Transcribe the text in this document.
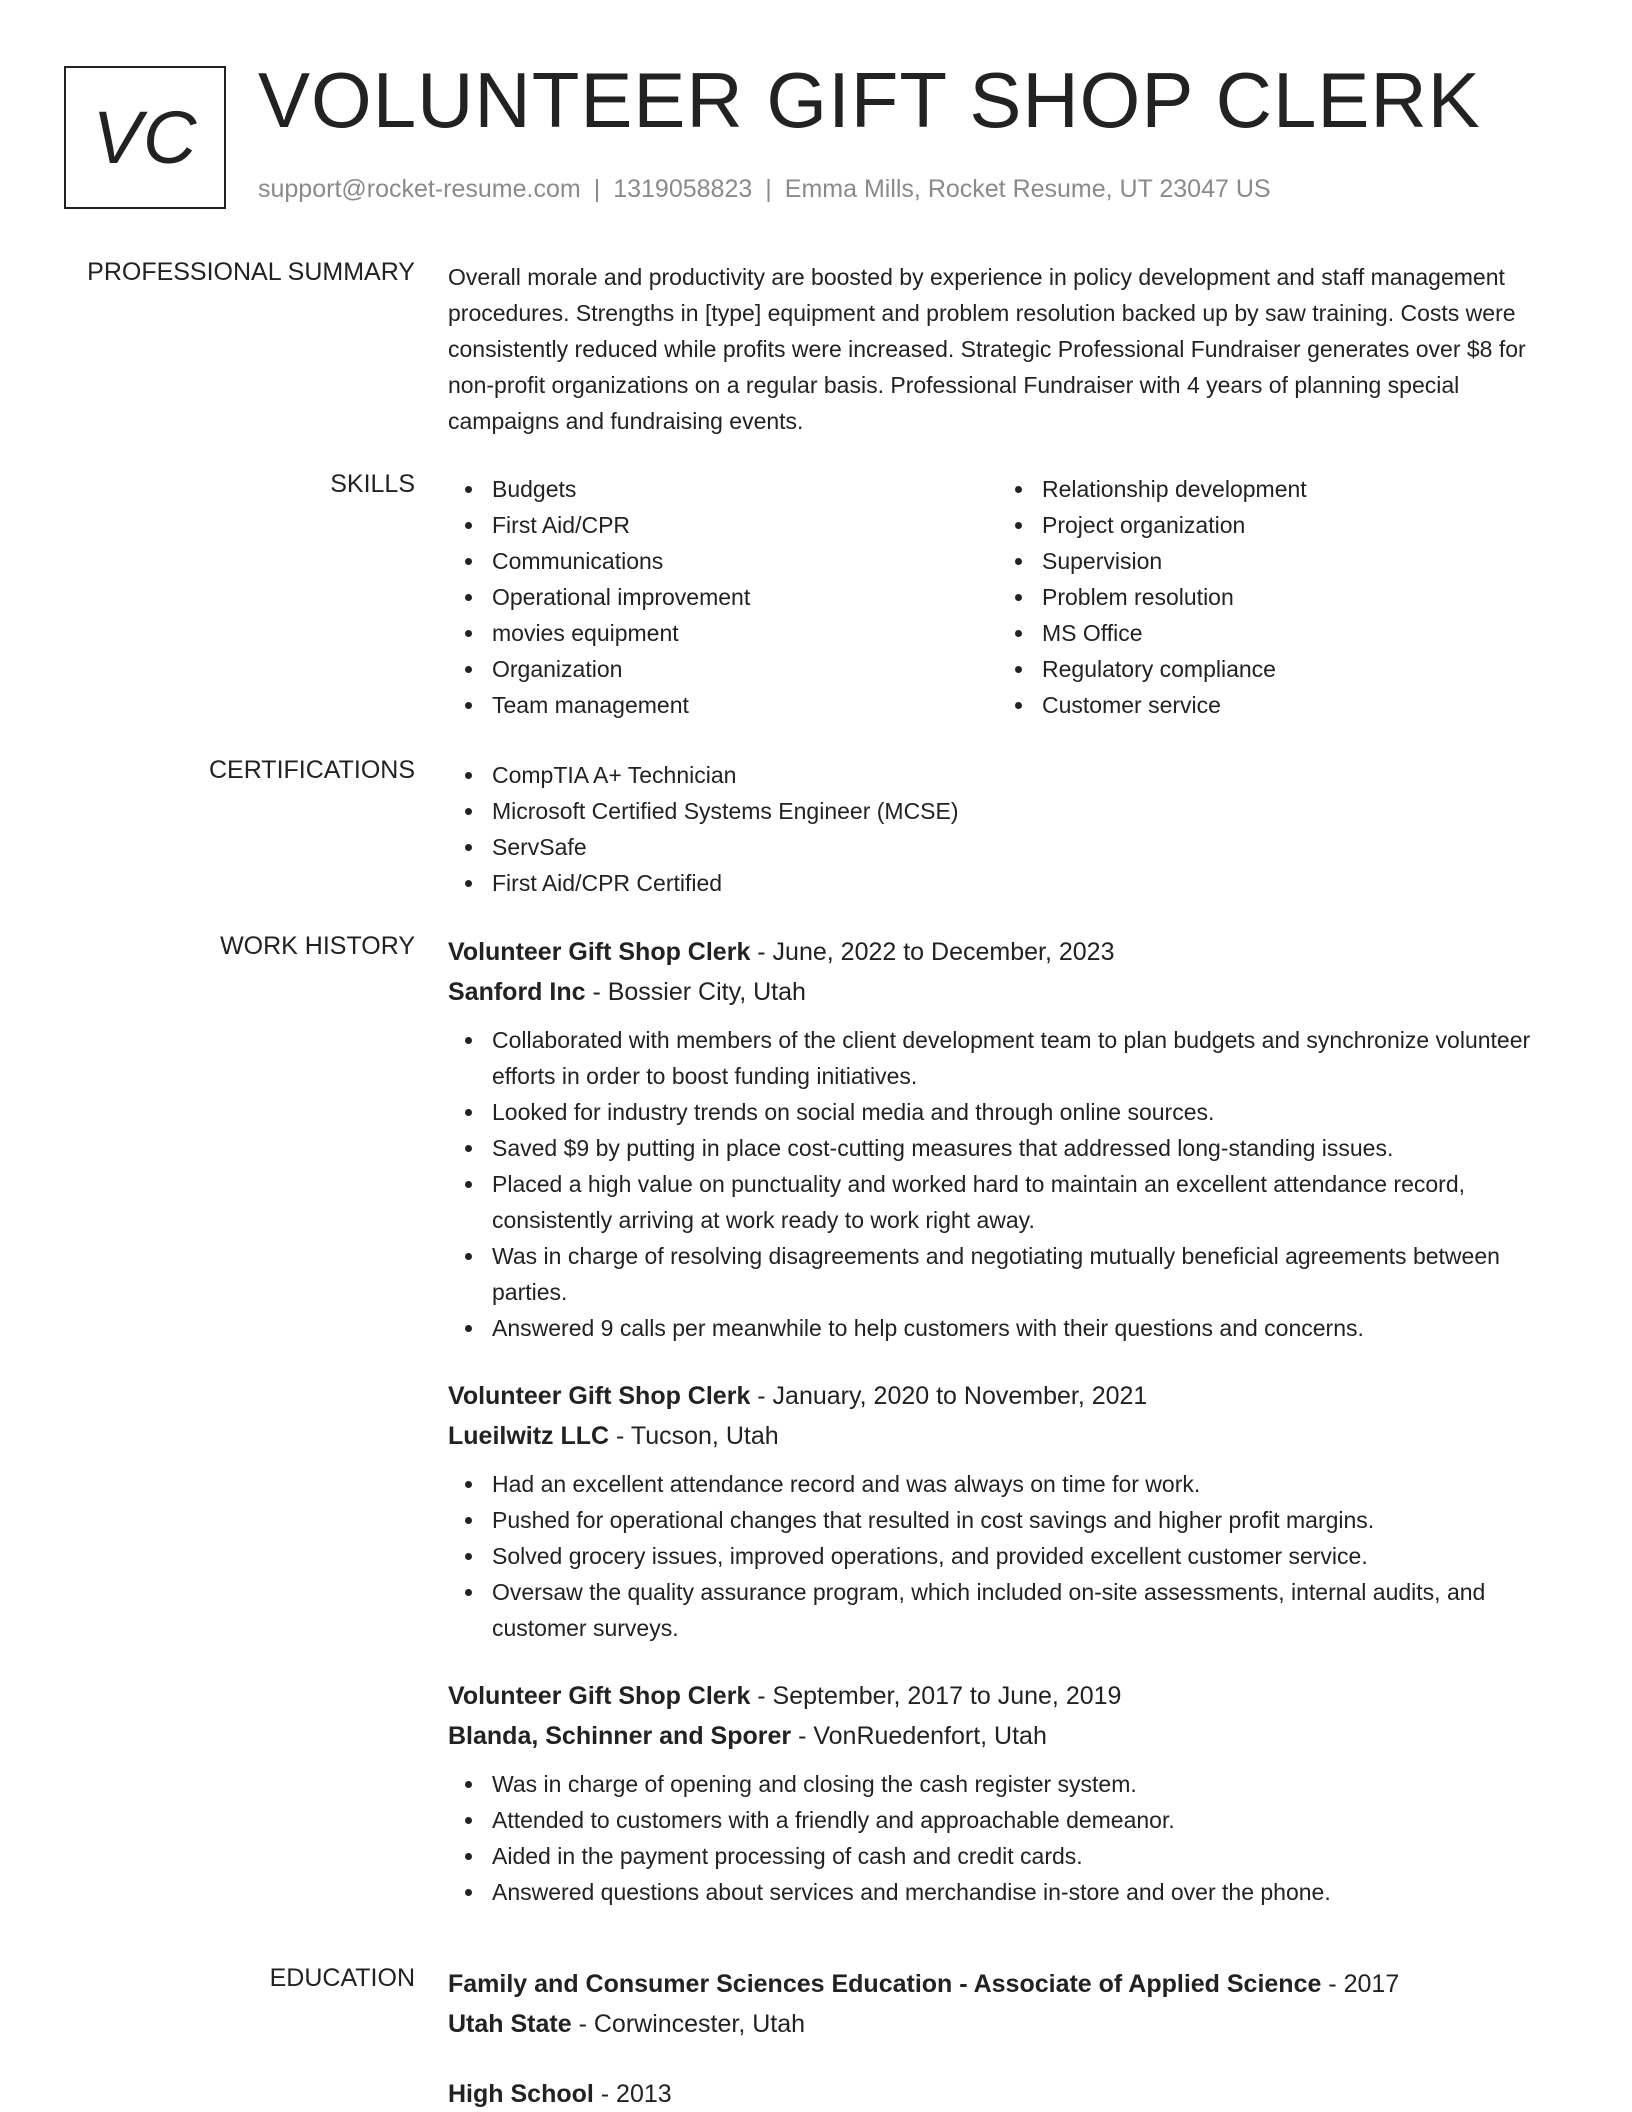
VC VOLUNTEER GIFT SHOP CLERK
support@rocket-resume.com | 1319058823 | Emma Mills, Rocket Resume, UT 23047 US
PROFESSIONAL SUMMARY Overall morale and productivity are boosted by experience in policy development and staff management procedures. Strengths in [type] equipment and problem resolution backed up by saw training. Costs were consistently reduced while profits were increased. Strategic Professional Fundraiser generates over $8 for non-profit organizations on a regular basis. Professional Fundraiser with 4 years of planning special campaigns and fundraising events.
SKILLS	Budgets
First Aid/CPR
Communications
Operational improvement
movies equipment
Organization
Team management
Relationship development
Project organization
Supervision
Problem resolution
MS Office
Regulatory compliance
Customer service
CERTIFICATIONS	CompTIA A+ Technician
Microsoft Certified Systems Engineer (MCSE)
ServSafe
First Aid/CPR Certified
WORK HISTORY Volunteer Gift Shop Clerk - June, 2022 to December, 2023
Sanford Inc - Bossier City, Utah
Collaborated with members of the client development team to plan budgets and synchronize volunteer efforts in order to boost funding initiatives.
Looked for industry trends on social media and through online sources.
Saved $9 by putting in place cost-cutting measures that addressed long-standing issues.
Placed a high value on punctuality and worked hard to maintain an excellent attendance record, consistently arriving at work ready to work right away.
Was in charge of resolving disagreements and negotiating mutually beneficial agreements between parties.
Answered 9 calls per meanwhile to help customers with their questions and concerns.
Volunteer Gift Shop Clerk - January, 2020 to November, 2021
Lueilwitz LLC - Tucson, Utah
Had an excellent attendance record and was always on time for work.
Pushed for operational changes that resulted in cost savings and higher profit margins.
Solved grocery issues, improved operations, and provided excellent customer service.
Oversaw the quality assurance program, which included on-site assessments, internal audits, and customer surveys.
Volunteer Gift Shop Clerk - September, 2017 to June, 2019
Blanda, Schinner and Sporer - VonRuedenfort, Utah
Was in charge of opening and closing the cash register system.
Attended to customers with a friendly and approachable demeanor.
Aided in the payment processing of cash and credit cards.
Answered questions about services and merchandise in-store and over the phone.
EDUCATION Family and Consumer Sciences Education - Associate of Applied Science - 2017
Utah State - Corwincester, Utah
High School - 2013
